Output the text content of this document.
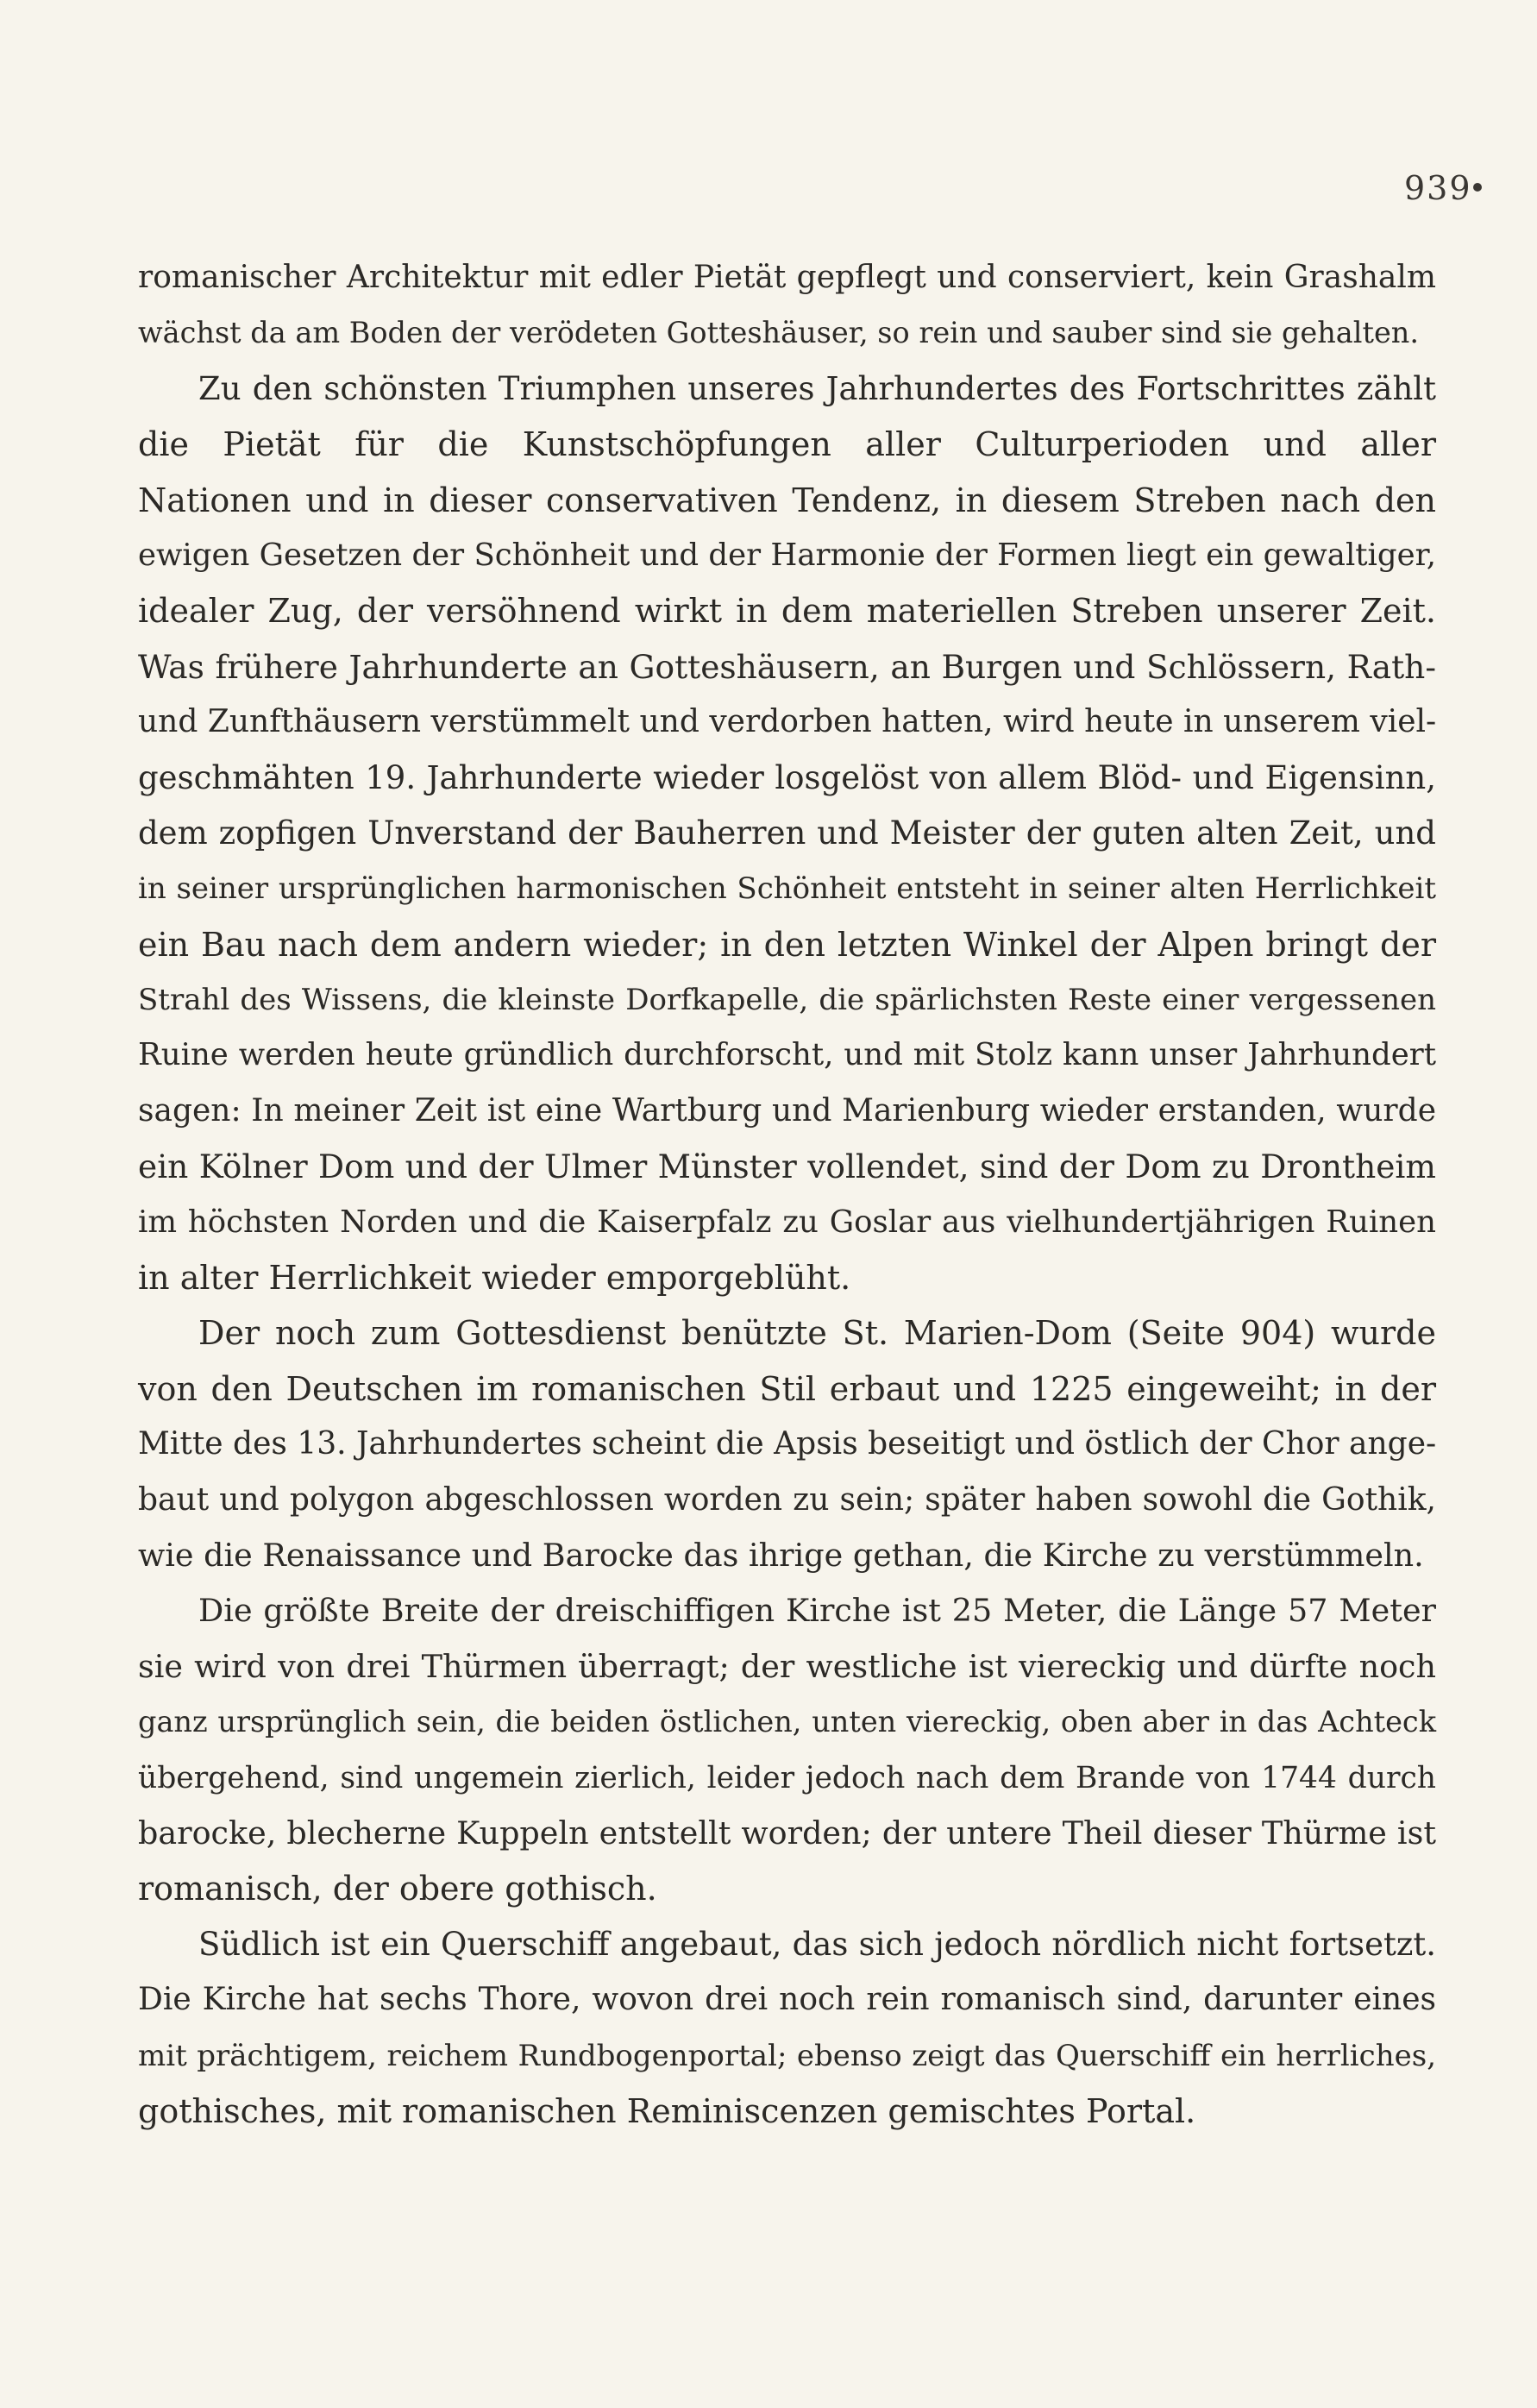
939
romanischer Architektur mit edler Pietät gepflegt und conserviert, kein Grashalm
wächst da am Boden der verödeten Gotteshäuser, so rein und sauber sind sie gehalten.
Zu den schönsten Triumphen unseres Jahrhundertes des Fortschrittes zählt
die Pietät für die Kunstschöpfungen aller Culturperioden und aller
Nationen und in dieser conservativen Tendenz, in diesem Streben nach den
ewigen Gesetzen der Schönheit und der Harmonie der Formen liegt ein gewaltiger,
idealer Zug, der versöhnend wirkt in dem materiellen Streben unserer Zeit.
Was frühere Jahrhunderte an Gotteshäusern, an Burgen und Schlössern, Rath-
und Zunfthäusern verstümmelt und verdorben hatten, wird heute in unserem viel-
geschmähten 19. Jahrhunderte wieder losgelöst von allem Blöd- und Eigensinn,
dem zopfigen Unverstand der Bauherren und Meister der guten alten Zeit, und
in seiner ursprünglichen harmonischen Schönheit entsteht in seiner alten Herrlichkeit
ein Bau nach dem andern wieder; in den letzten Winkel der Alpen bringt der
Strahl des Wissens, die kleinste Dorfkapelle, die spärlichsten Reste einer vergessenen
Ruine werden heute gründlich durchforscht, und mit Stolz kann unser Jahrhundert
sagen: In meiner Zeit ist eine Wartburg und Marienburg wieder erstanden, wurde
ein Kölner Dom und der Ulmer Münster vollendet, sind der Dom zu Drontheim
im höchsten Norden und die Kaiserpfalz zu Goslar aus vielhundertjährigen Ruinen
in alter Herrlichkeit wieder emporgeblüht.
Der noch zum Gottesdienst benützte St. Marien-Dom (Seite 904) wurde
von den Deutschen im romanischen Stil erbaut und 1225 eingeweiht; in der
Mitte des 13. Jahrhundertes scheint die Apsis beseitigt und östlich der Chor ange-
baut und polygon abgeschlossen worden zu sein; später haben sowohl die Gothik,
wie die Renaissance und Barocke das ihrige gethan, die Kirche zu verstümmeln.
Die größte Breite der dreischiffigen Kirche ist 25 Meter, die Länge 57 Meter
sie wird von drei Thürmen überragt; der westliche ist viereckig und dürfte noch
ganz ursprünglich sein, die beiden östlichen, unten viereckig, oben aber in das Achteck
übergehend, sind ungemein zierlich, leider jedoch nach dem Brande von 1744 durch
barocke, blecherne Kuppeln entstellt worden; der untere Theil dieser Thürme ist
romanisch, der obere gothisch.
Südlich ist ein Querschiff angebaut, das sich jedoch nördlich nicht fortsetzt.
Die Kirche hat sechs Thore, wovon drei noch rein romanisch sind, darunter eines
mit prächtigem, reichem Rundbogenportal; ebenso zeigt das Querschiff ein herrliches,
gothisches, mit romanischen Reminiscenzen gemischtes Portal.
